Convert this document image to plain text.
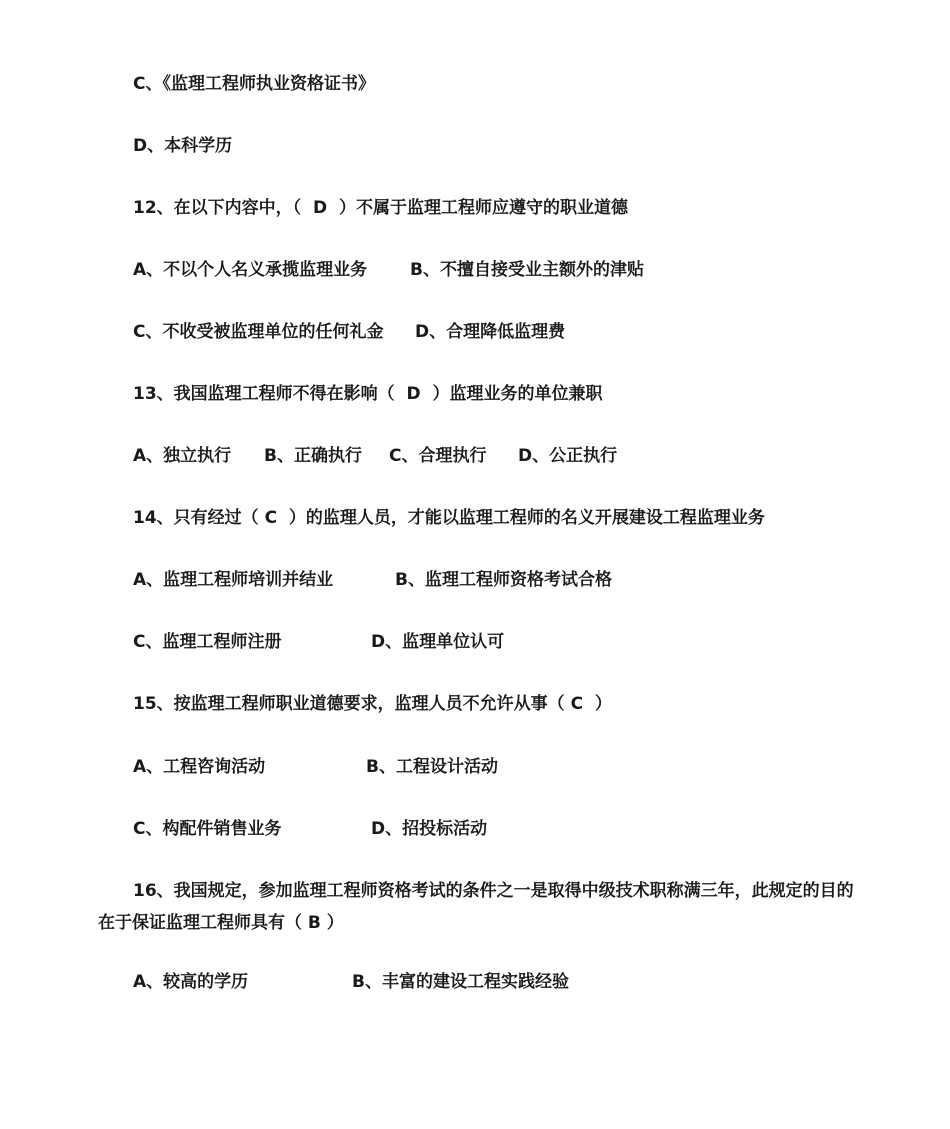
C、《监理工程师执业资格证书》
D、本科学历
12、在以下内容中，（  D  ）不属于监理工程师应遵守的职业道德
A、不以个人名义承揽监理业务	B、不擅自接受业主额外的津贴
C、不收受被监理单位的任何礼金 D、合理降低监理费
13、我国监理工程师不得在影响（  D  ）监理业务的单位兼职
A、独立执行 B、正确执行 C、合理执行 D、公正执行
14、只有经过（ C  ）的监理人员，才能以监理工程师的名义开展建设工程监理业务
A、监理工程师培训并结业	B、监理工程师资格考试合格
C、监理工程师注册	D、监理单位认可
15、按监理工程师职业道德要求，监理人员不允许从事（ C  ）
A、工程咨询活动	B、工程设计活动
C、构配件销售业务	D、招投标活动
16、我国规定，参加监理工程师资格考试的条件之一是取得中级技术职称满三年，此规定的目的在于保证监理工程师具有（ B ）
A、较高的学历	B、丰富的建设工程实践经验
